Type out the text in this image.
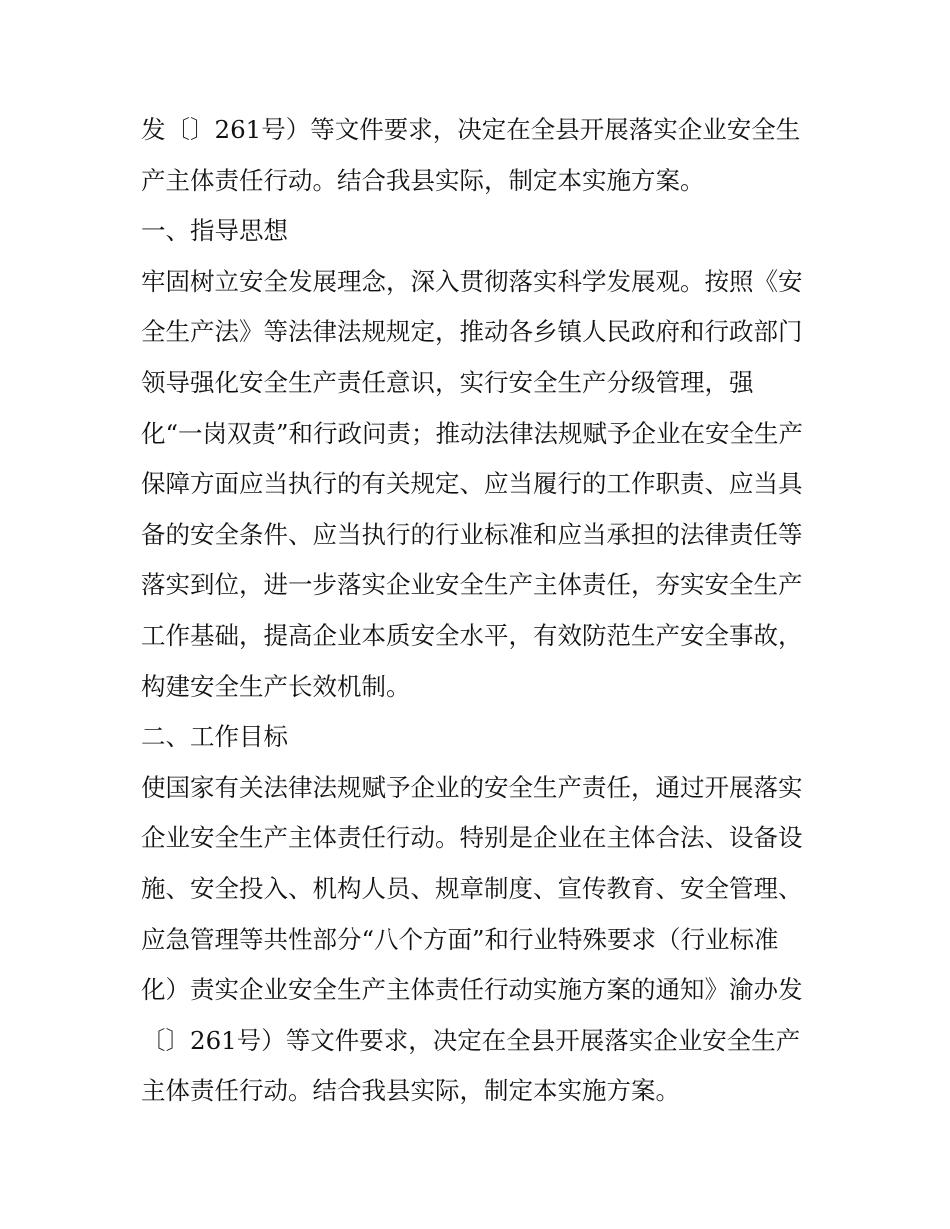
发〔〕261号）等文件要求，决定在全县开展落实企业安全生
产主体责任行动。结合我县实际，制定本实施方案。
一、指导思想
牢固树立安全发展理念，深入贯彻落实科学发展观。按照《安
全生产法》等法律法规规定，推动各乡镇人民政府和行政部门
领导强化安全生产责任意识，实行安全生产分级管理，强
化“一岗双责”和行政问责；推动法律法规赋予企业在安全生产
保障方面应当执行的有关规定、应当履行的工作职责、应当具
备的安全条件、应当执行的行业标准和应当承担的法律责任等
落实到位，进一步落实企业安全生产主体责任，夯实安全生产
工作基础，提高企业本质安全水平，有效防范生产安全事故，
构建安全生产长效机制。
二、工作目标
使国家有关法律法规赋予企业的安全生产责任，通过开展落实
企业安全生产主体责任行动。特别是企业在主体合法、设备设
施、安全投入、机构人员、规章制度、宣传教育、安全管理、
应急管理等共性部分“八个方面”和行业特殊要求（行业标准
化）责实企业安全生产主体责任行动实施方案的通知》渝办发
〔〕261号）等文件要求，决定在全县开展落实企业安全生产
主体责任行动。结合我县实际，制定本实施方案。
